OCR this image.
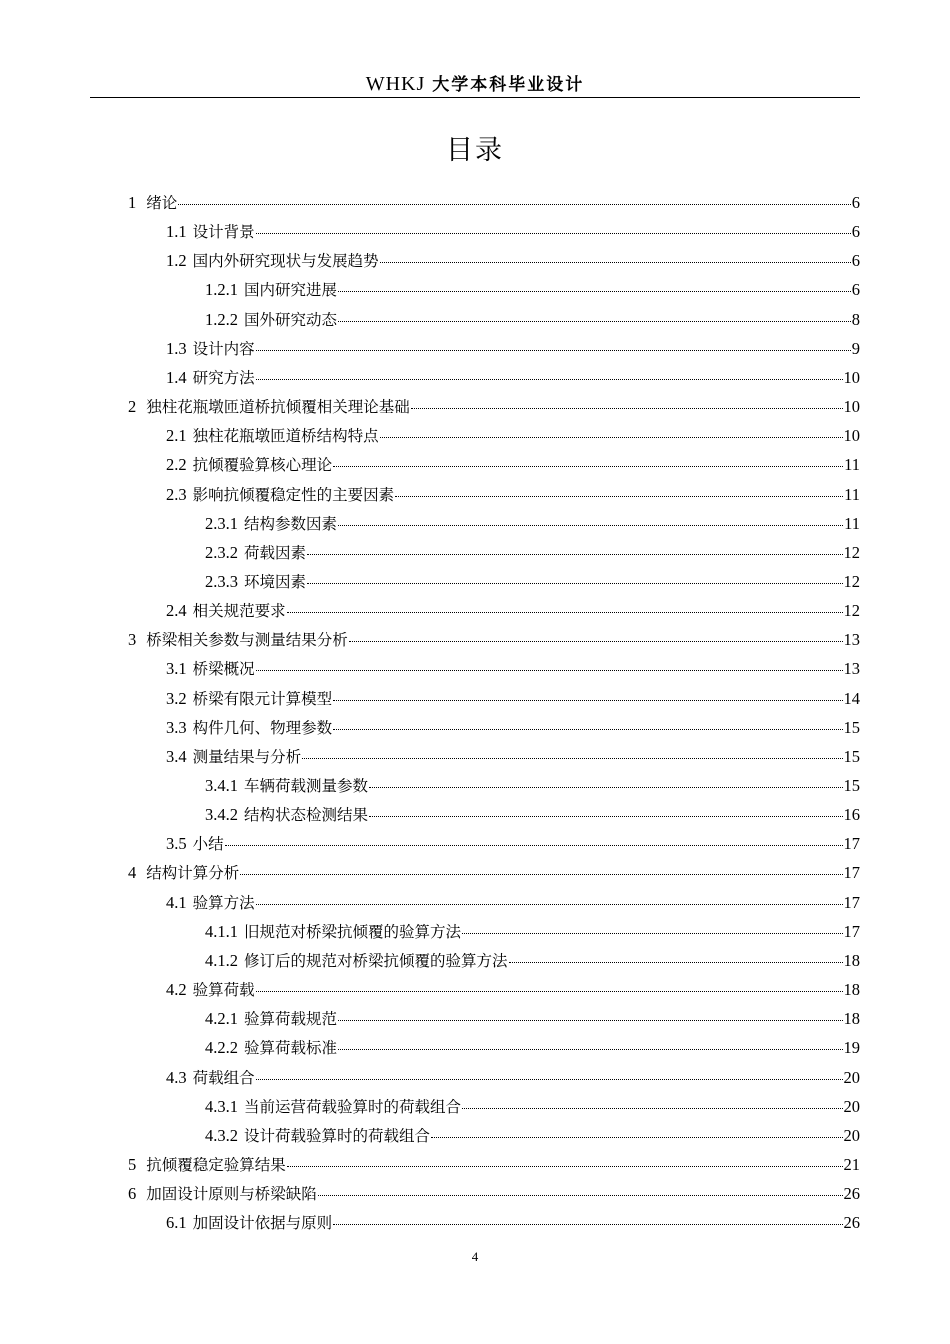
WHKJ 大学本科毕业设计
目录
1 绪论	6
1.1 设计背景	6
1.2 国内外研究现状与发展趋势	6
1.2.1 国内研究进展	6
1.2.2 国外研究动态	8
1.3 设计内容	9
1.4 研究方法	10
2 独柱花瓶墩匝道桥抗倾覆相关理论基础	10
2.1 独柱花瓶墩匝道桥结构特点	10
2.2 抗倾覆验算核心理论	11
2.3 影响抗倾覆稳定性的主要因素	11
2.3.1 结构参数因素	11
2.3.2 荷载因素	12
2.3.3 环境因素	12
2.4 相关规范要求	12
3 桥梁相关参数与测量结果分析	13
3.1 桥梁概况	13
3.2 桥梁有限元计算模型	14
3.3 构件几何、物理参数	15
3.4 测量结果与分析	15
3.4.1 车辆荷载测量参数	15
3.4.2 结构状态检测结果	16
3.5 小结	17
4 结构计算分析	17
4.1 验算方法	17
4.1.1 旧规范对桥梁抗倾覆的验算方法	17
4.1.2 修订后的规范对桥梁抗倾覆的验算方法	18
4.2 验算荷载	18
4.2.1 验算荷载规范	18
4.2.2 验算荷载标准	19
4.3 荷载组合	20
4.3.1 当前运营荷载验算时的荷载组合	20
4.3.2 设计荷载验算时的荷载组合	20
5 抗倾覆稳定验算结果	21
6 加固设计原则与桥梁缺陷	26
6.1 加固设计依据与原则	26
4
